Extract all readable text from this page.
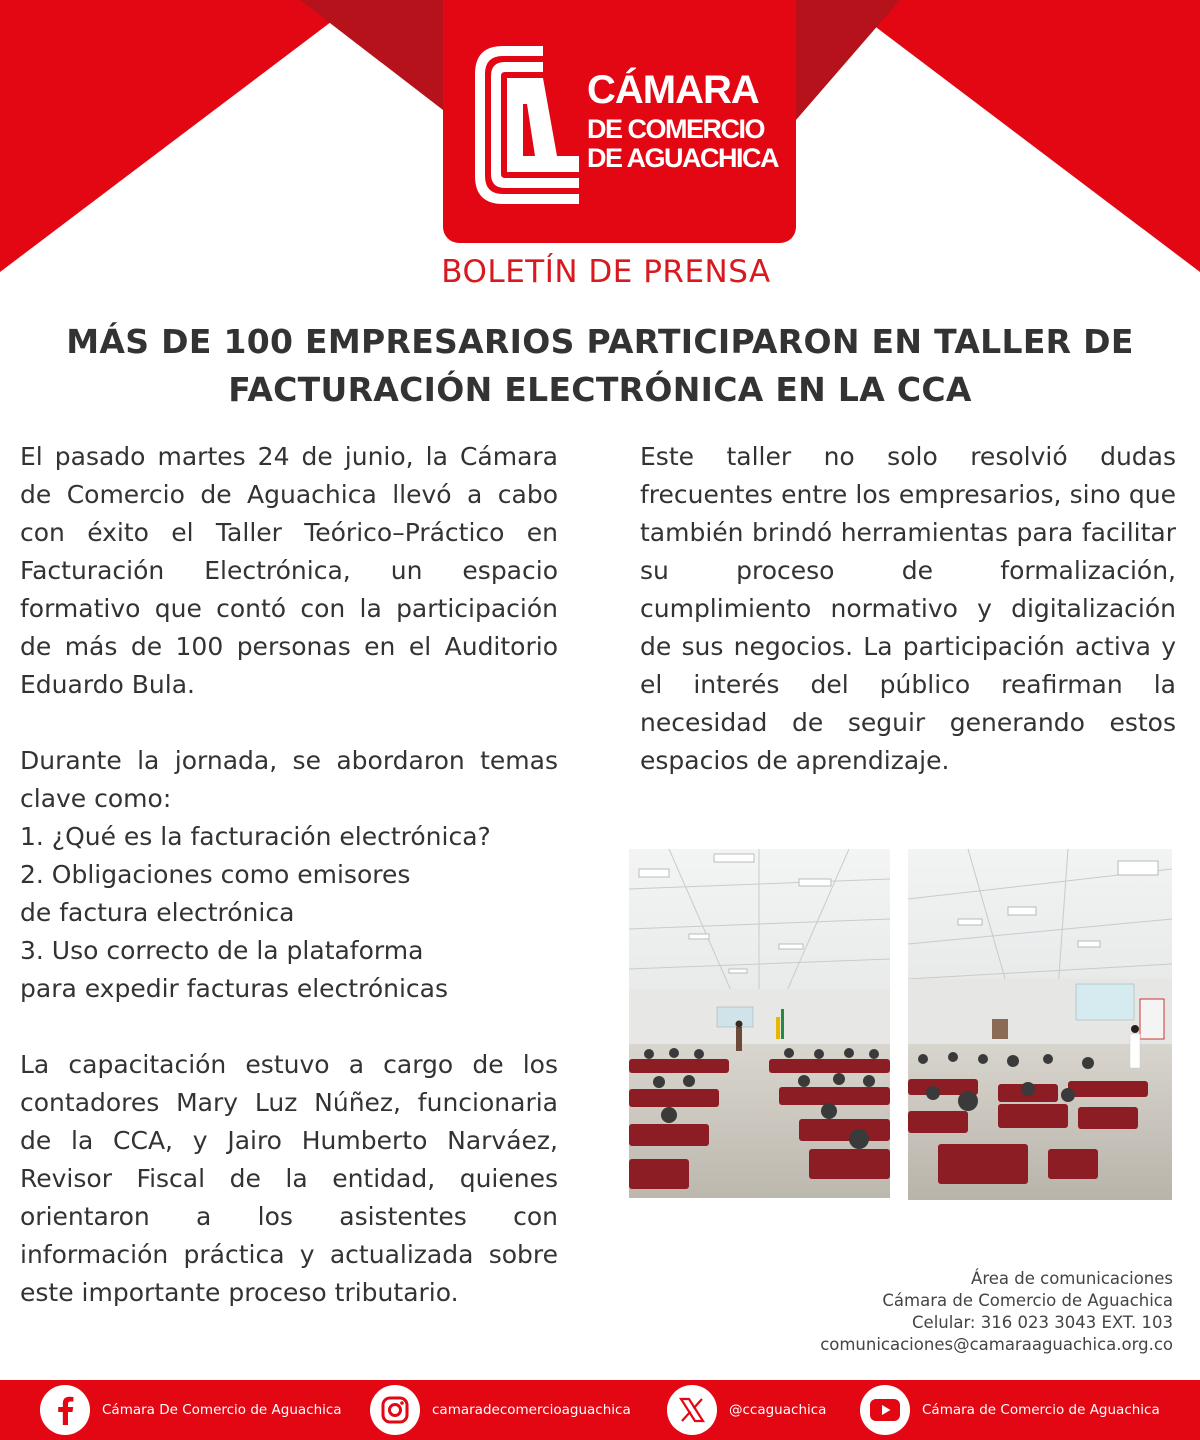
CÁMARA
DE COMERCIO
DE AGUACHICA
BOLETÍN DE PRENSA
MÁS DE 100 EMPRESARIOS PARTICIPARON EN TALLER DE
FACTURACIÓN ELECTRÓNICA EN LA CCA

El pasado martes 24 de junio, la Cámara de Comercio de Aguachica llevó a cabo con éxito el Taller Teórico–Práctico en Facturación Electrónica, un espacio formativo que contó con la participación de más de 100 personas en el Auditorio Eduardo Bula.

Durante la jornada, se abordaron temas clave como:

1. ¿Qué es la facturación electrónica?

2. Obligaciones como emisores

de factura electrónica

3. Uso correcto de la plataforma

para expedir facturas electrónicas

La capacitación estuvo a cargo de los contadores Mary Luz Núñez, funcionaria de la CCA, y Jairo Humberto Narváez, Revisor Fiscal de la entidad, quienes orientaron a los asistentes con información práctica y actualizada sobre este importante proceso tributario.

Este taller no solo resolvió dudas frecuentes entre los empresarios, sino que también brindó herramientas para facilitar su proceso de formalización, cumplimiento normativo y digitalización de sus negocios. La participación activa y el interés del público reafirman la necesidad de seguir generando estos espacios de aprendizaje.

Área de comunicaciones
Cámara de Comercio de Aguachica
Celular: 316 023 3043 EXT. 103
comunicaciones@camaraaguachica.org.co
Cámara De Comercio de Aguachica	camaradecomercioaguachica	@ccaguachica	Cámara de Comercio de Aguachica
